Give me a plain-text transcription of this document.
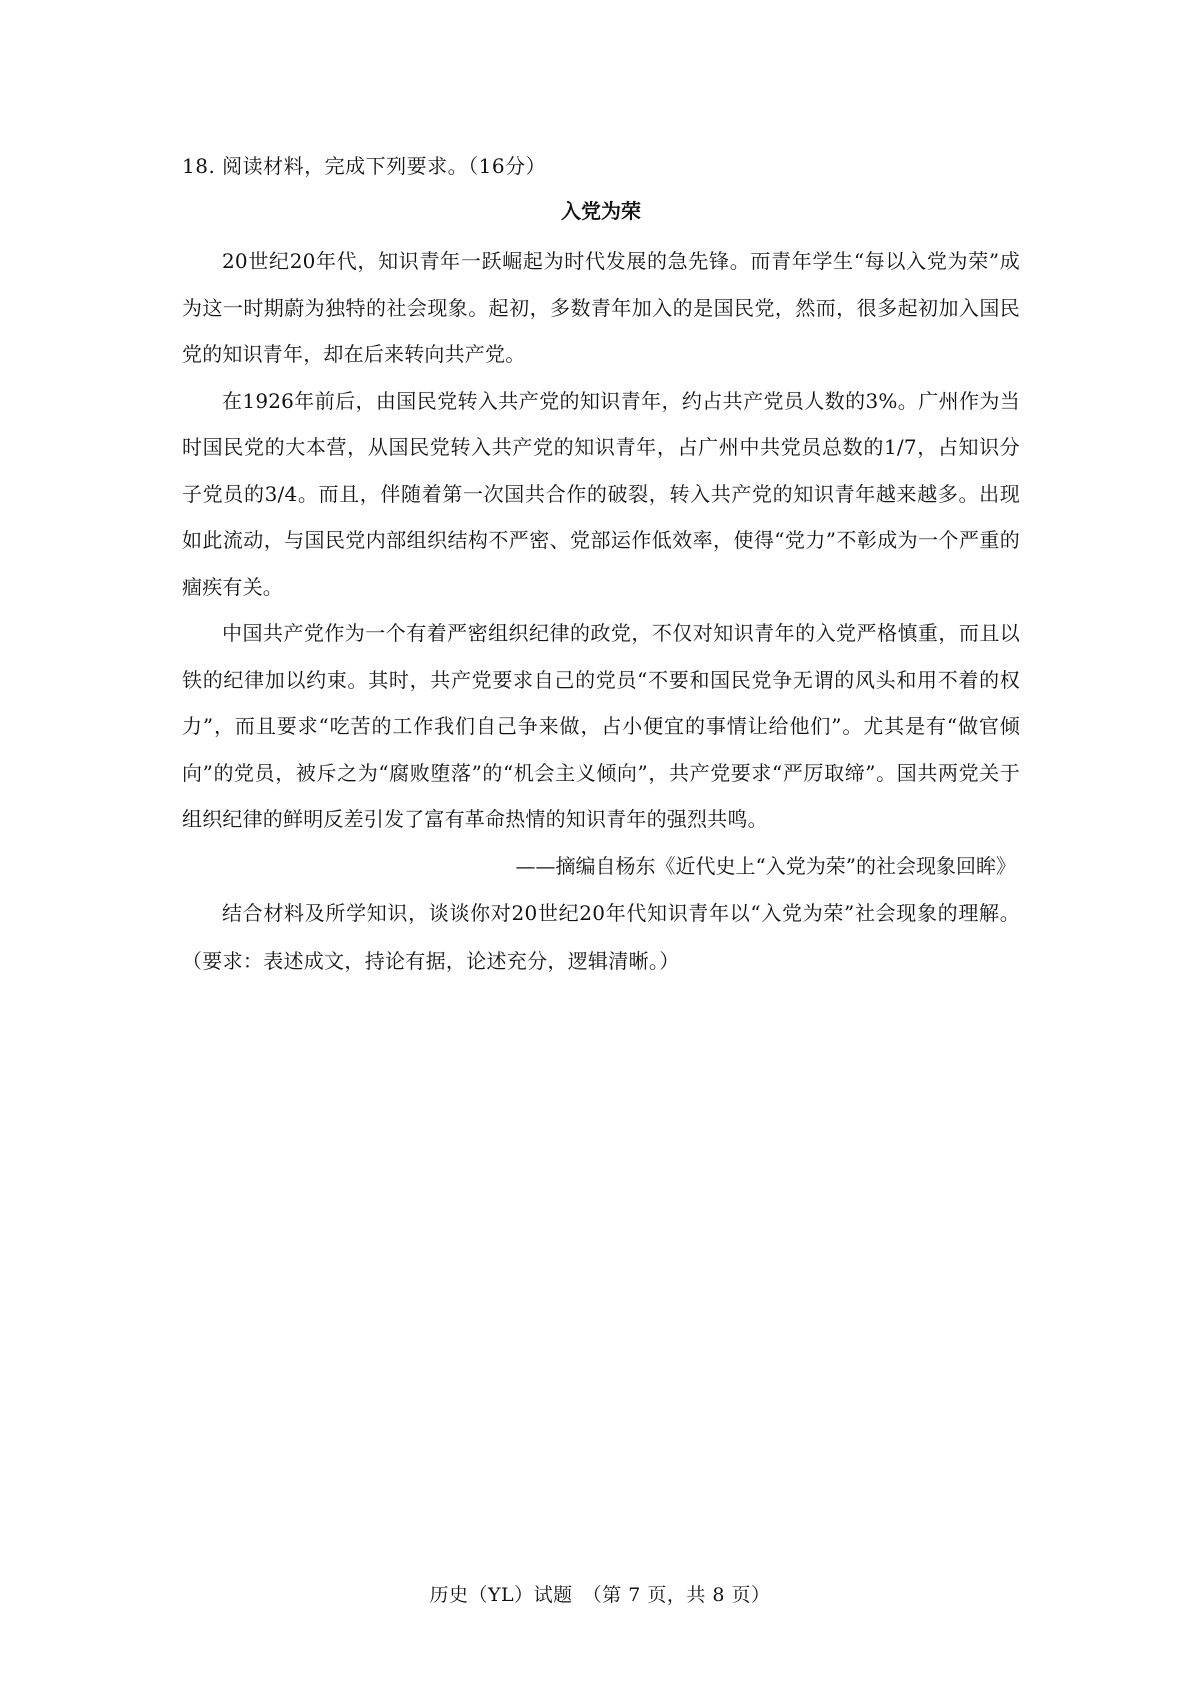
18. 阅读材料，完成下列要求。（16分）

入党为荣

20世纪20年代，知识青年一跃崛起为时代发展的急先锋。而青年学生“每以入党为荣”成为这一时期蔚为独特的社会现象。起初，多数青年加入的是国民党，然而，很多起初加入国民党的知识青年，却在后来转向共产党。

在1926年前后，由国民党转入共产党的知识青年，约占共产党员人数的3%。广州作为当时国民党的大本营，从国民党转入共产党的知识青年，占广州中共党员总数的1/7，占知识分子党员的3/4。而且，伴随着第一次国共合作的破裂，转入共产党的知识青年越来越多。出现如此流动，与国民党内部组织结构不严密、党部运作低效率，使得“党力”不彰成为一个严重的痼疾有关。

中国共产党作为一个有着严密组织纪律的政党，不仅对知识青年的入党严格慎重，而且以铁的纪律加以约束。其时，共产党要求自己的党员“不要和国民党争无谓的风头和用不着的权力”，而且要求“吃苦的工作我们自己争来做，占小便宜的事情让给他们”。尤其是有“做官倾向”的党员，被斥之为“腐败堕落”的“机会主义倾向”，共产党要求“严厉取缔”。国共两党关于组织纪律的鲜明反差引发了富有革命热情的知识青年的强烈共鸣。

——摘编自杨东《近代史上“入党为荣”的社会现象回眸》

结合材料及所学知识，谈谈你对20世纪20年代知识青年以“入党为荣”社会现象的理解。（要求：表述成文，持论有据，论述充分，逻辑清晰。）

历史（YL）试题　（第 7 页，共 8 页）
